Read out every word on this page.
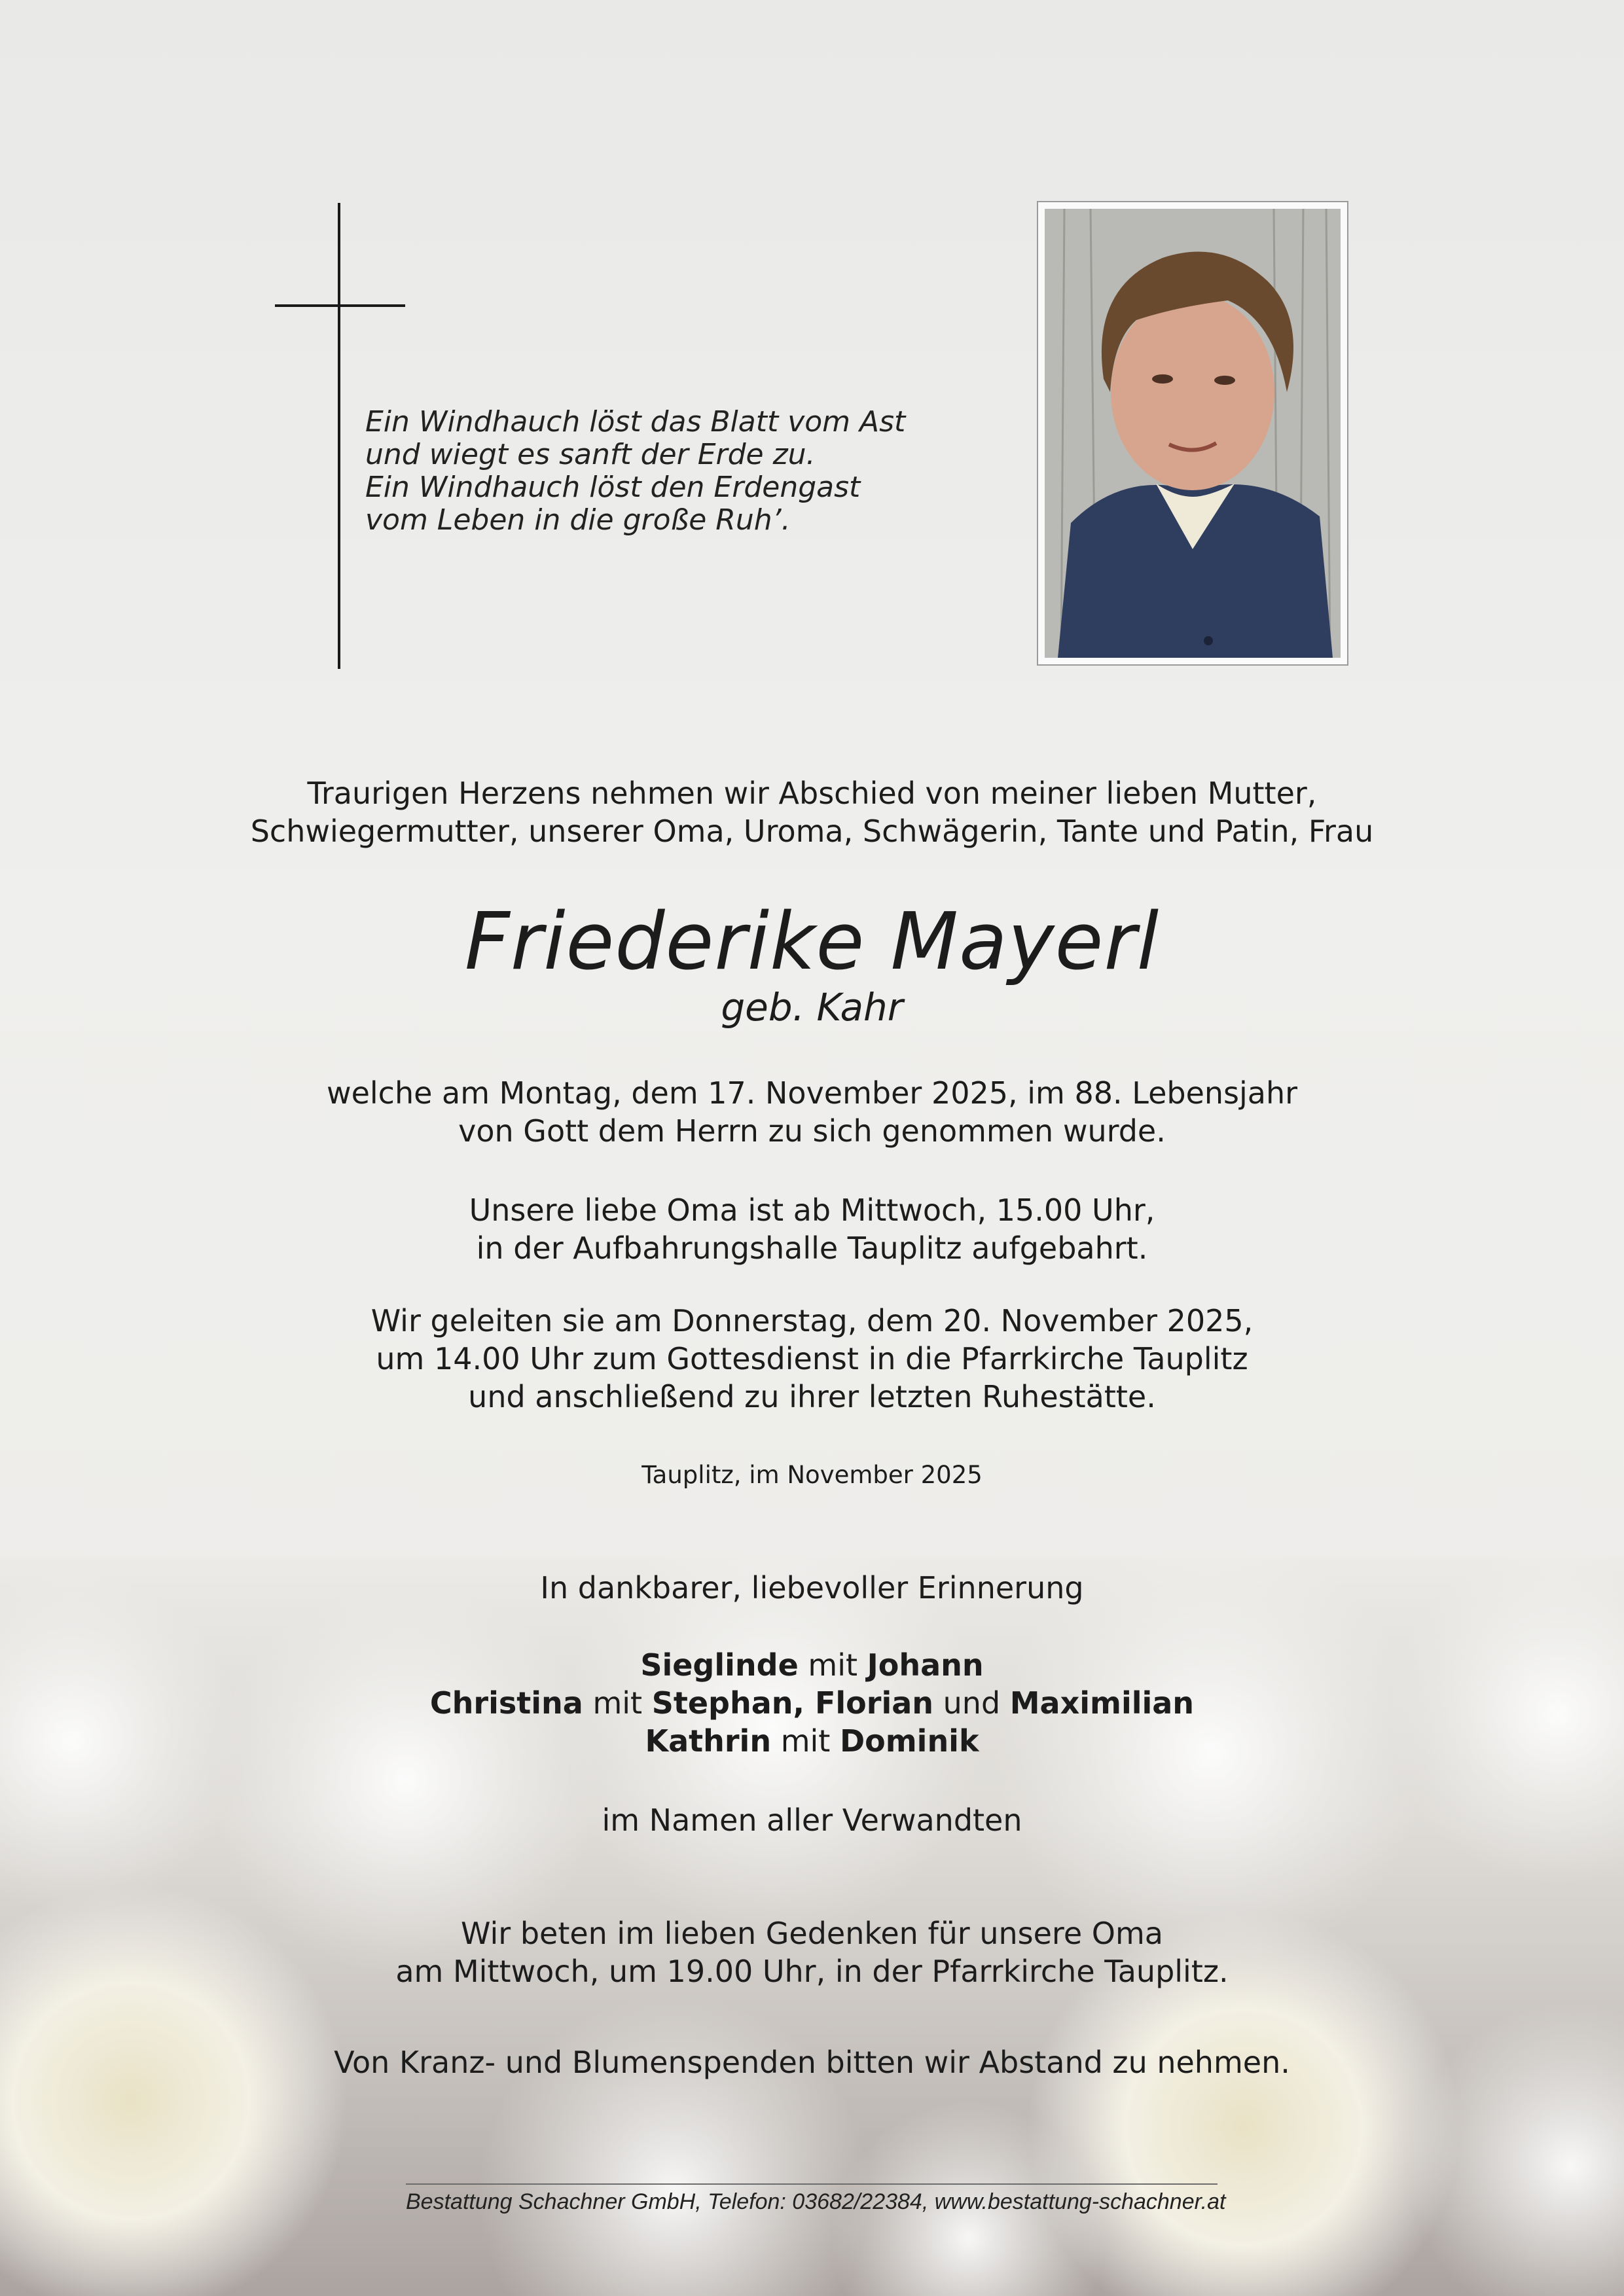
Ein Windhauch löst das Blatt vom Ast
und wiegt es sanft der Erde zu.
Ein Windhauch löst den Erdengast
vom Leben in die große Ruh’.
Traurigen Herzens nehmen wir Abschied von meiner lieben Mutter,
Schwiegermutter, unserer Oma, Uroma, Schwägerin, Tante und Patin, Frau
Friederike Mayerl
geb. Kahr
welche am Montag, dem 17. November 2025, im 88. Lebensjahr
von Gott dem Herrn zu sich genommen wurde.
Unsere liebe Oma ist ab Mittwoch, 15.00 Uhr,
in der Aufbahrungshalle Tauplitz aufgebahrt.
Wir geleiten sie am Donnerstag, dem 20. November 2025,
um 14.00 Uhr zum Gottesdienst in die Pfarrkirche Tauplitz
und anschließend zu ihrer letzten Ruhestätte.
Tauplitz, im November 2025
In dankbarer, liebevoller Erinnerung
Sieglinde mit Johann
Christina mit Stephan, Florian und Maximilian
Kathrin mit Dominik
im Namen aller Verwandten
Wir beten im lieben Gedenken für unsere Oma
am Mittwoch, um 19.00 Uhr, in der Pfarrkirche Tauplitz.
Von Kranz- und Blumenspenden bitten wir Abstand zu nehmen.
Bestattung Schachner GmbH, Telefon: 03682/22384, www.bestattung-schachner.at
